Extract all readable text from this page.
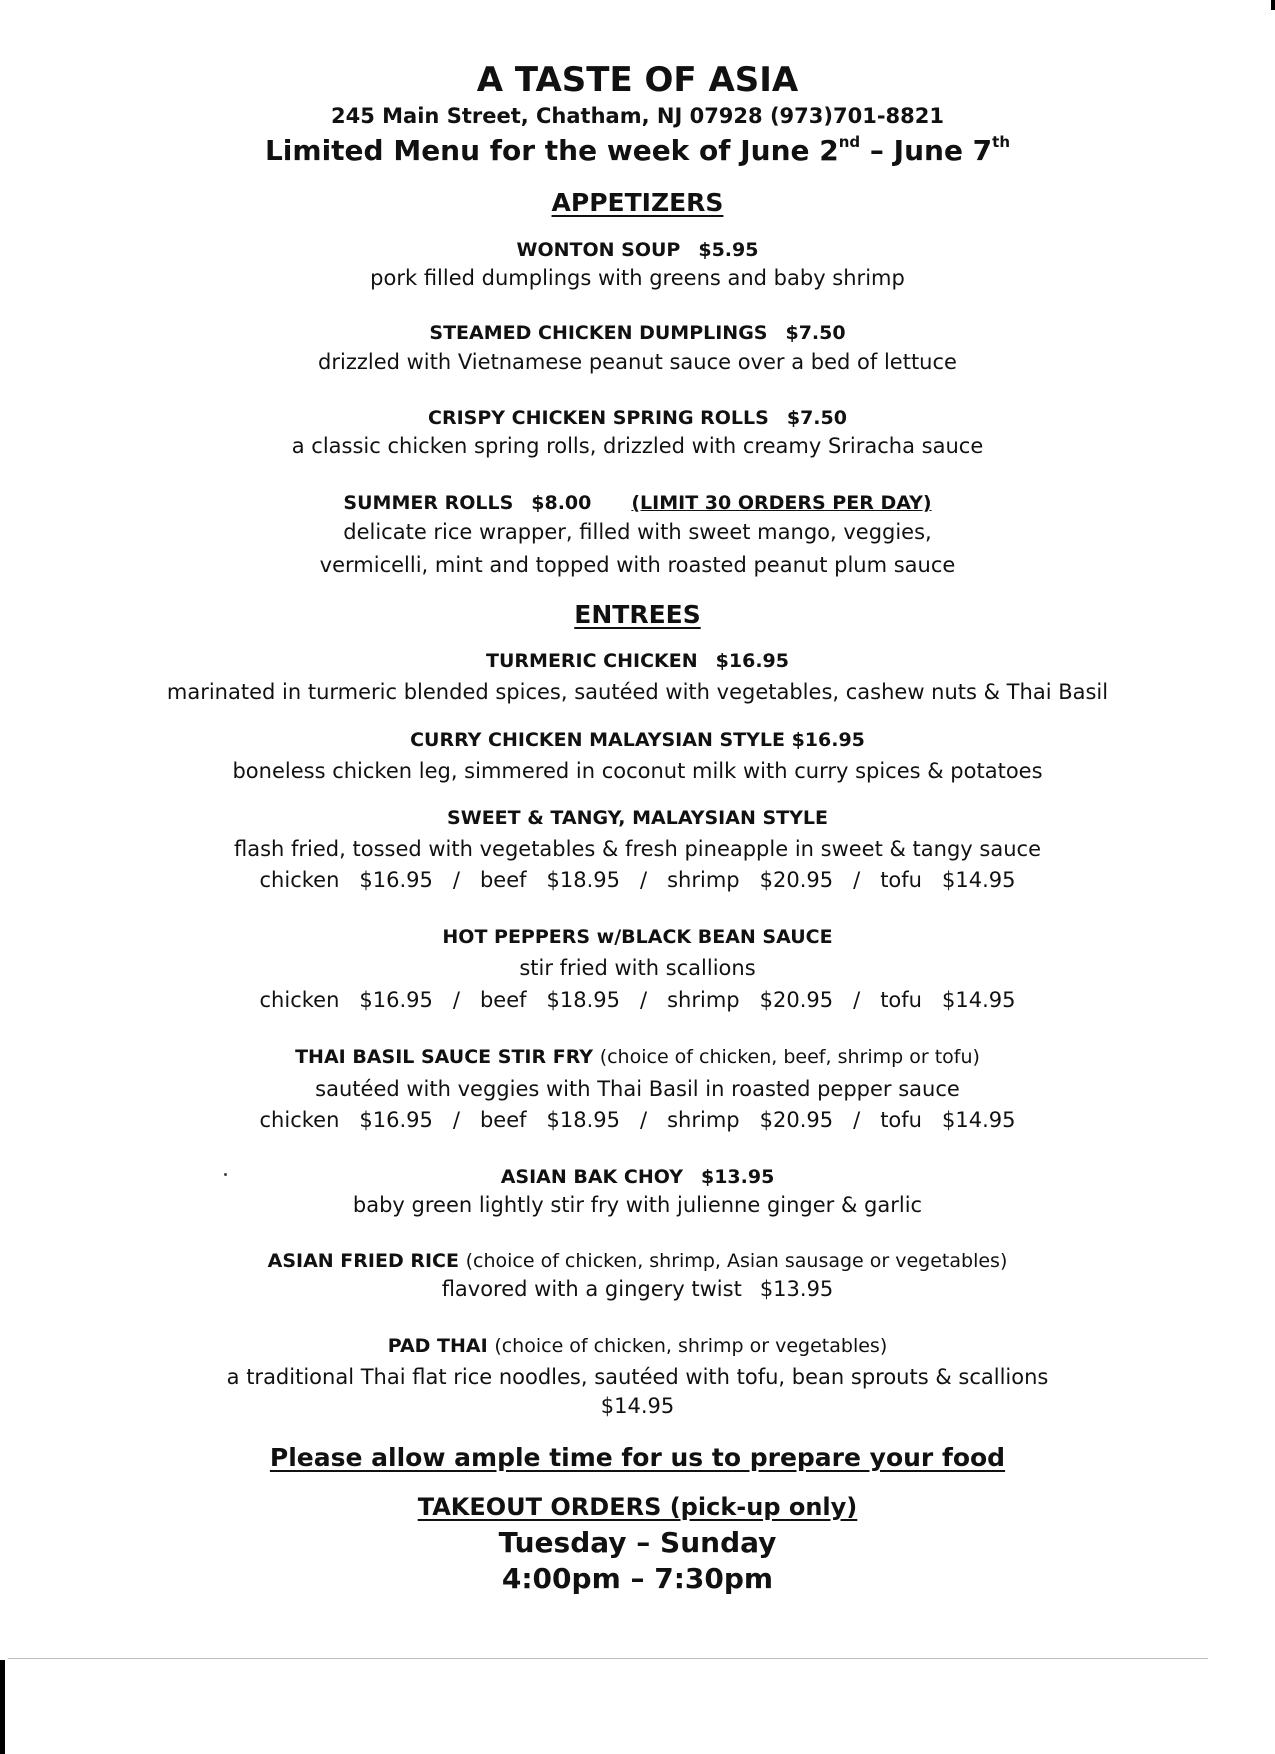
A TASTE OF ASIA
245 Main Street, Chatham, NJ 07928 (973)701-8821
Limited Menu for the week of June 2nd – June 7th
APPETIZERS
WONTON SOUP $5.95
pork filled dumplings with greens and baby shrimp
STEAMED CHICKEN DUMPLINGS $7.50
drizzled with Vietnamese peanut sauce over a bed of lettuce
CRISPY CHICKEN SPRING ROLLS $7.50
a classic chicken spring rolls, drizzled with creamy Sriracha sauce
SUMMER ROLLS $8.00 (LIMIT 30 ORDERS PER DAY)
delicate rice wrapper, filled with sweet mango, veggies,
vermicelli, mint and topped with roasted peanut plum sauce
ENTREES
TURMERIC CHICKEN $16.95
marinated in turmeric blended spices, sautéed with vegetables, cashew nuts & Thai Basil
CURRY CHICKEN MALAYSIAN STYLE $16.95
boneless chicken leg, simmered in coconut milk with curry spices & potatoes
SWEET & TANGY, MALAYSIAN STYLE
flash fried, tossed with vegetables & fresh pineapple in sweet & tangy sauce
chicken $16.95 / beef $18.95 / shrimp $20.95 / tofu $14.95
HOT PEPPERS w/BLACK BEAN SAUCE
stir fried with scallions
chicken $16.95 / beef $18.95 / shrimp $20.95 / tofu $14.95
THAI BASIL SAUCE STIR FRY (choice of chicken, beef, shrimp or tofu)
sautéed with veggies with Thai Basil in roasted pepper sauce
chicken $16.95 / beef $18.95 / shrimp $20.95 / tofu $14.95
ASIAN BAK CHOY $13.95
baby green lightly stir fry with julienne ginger & garlic
ASIAN FRIED RICE (choice of chicken, shrimp, Asian sausage or vegetables)
flavored with a gingery twist $13.95
PAD THAI (choice of chicken, shrimp or vegetables)
a traditional Thai flat rice noodles, sautéed with tofu, bean sprouts & scallions
$14.95
Please allow ample time for us to prepare your food
TAKEOUT ORDERS (pick-up only)
Tuesday – Sunday
4:00pm – 7:30pm
